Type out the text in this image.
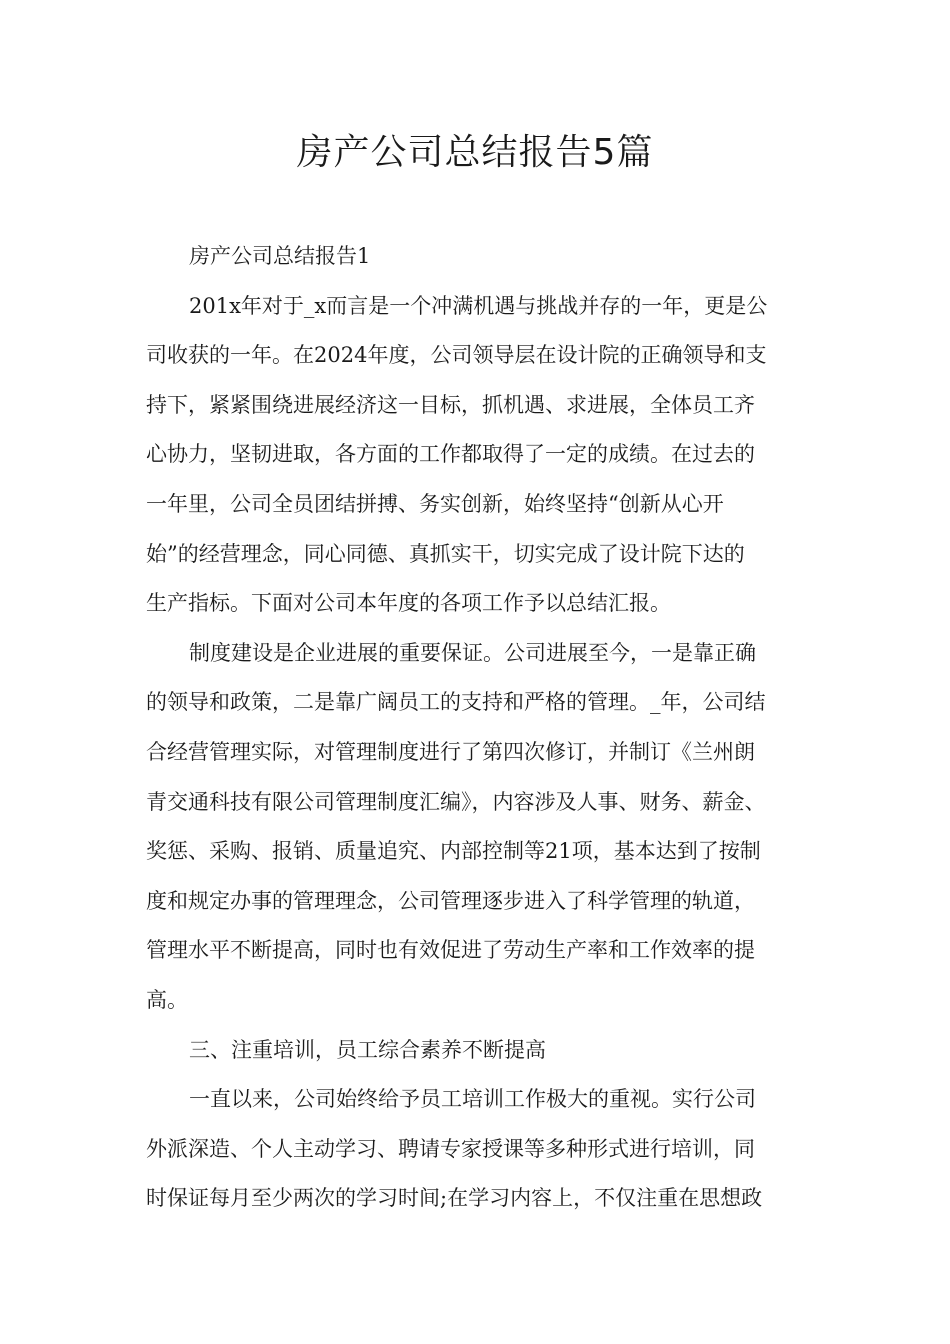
房产公司总结报告5篇
房产公司总结报告1
201x年对于_x而言是一个冲满机遇与挑战并存的一年，更是公
司收获的一年。在2024年度，公司领导层在设计院的正确领导和支
持下，紧紧围绕进展经济这一目标，抓机遇、求进展，全体员工齐
心协力，坚韧进取，各方面的工作都取得了一定的成绩。在过去的
一年里，公司全员团结拼搏、务实创新，始终坚持“创新从心开
始”的经营理念，同心同德、真抓实干，切实完成了设计院下达的
生产指标。下面对公司本年度的各项工作予以总结汇报。
制度建设是企业进展的重要保证。公司进展至今，一是靠正确
的领导和政策，二是靠广阔员工的支持和严格的管理。_年，公司结
合经营管理实际，对管理制度进行了第四次修订，并制订《兰州朗
青交通科技有限公司管理制度汇编》，内容涉及人事、财务、薪金、
奖惩、采购、报销、质量追究、内部控制等21项，基本达到了按制
度和规定办事的管理理念，公司管理逐步进入了科学管理的轨道，
管理水平不断提高，同时也有效促进了劳动生产率和工作效率的提
高。
三、注重培训，员工综合素养不断提高
一直以来，公司始终给予员工培训工作极大的重视。实行公司
外派深造、个人主动学习、聘请专家授课等多种形式进行培训，同
时保证每月至少两次的学习时间;在学习内容上，不仅注重在思想政
